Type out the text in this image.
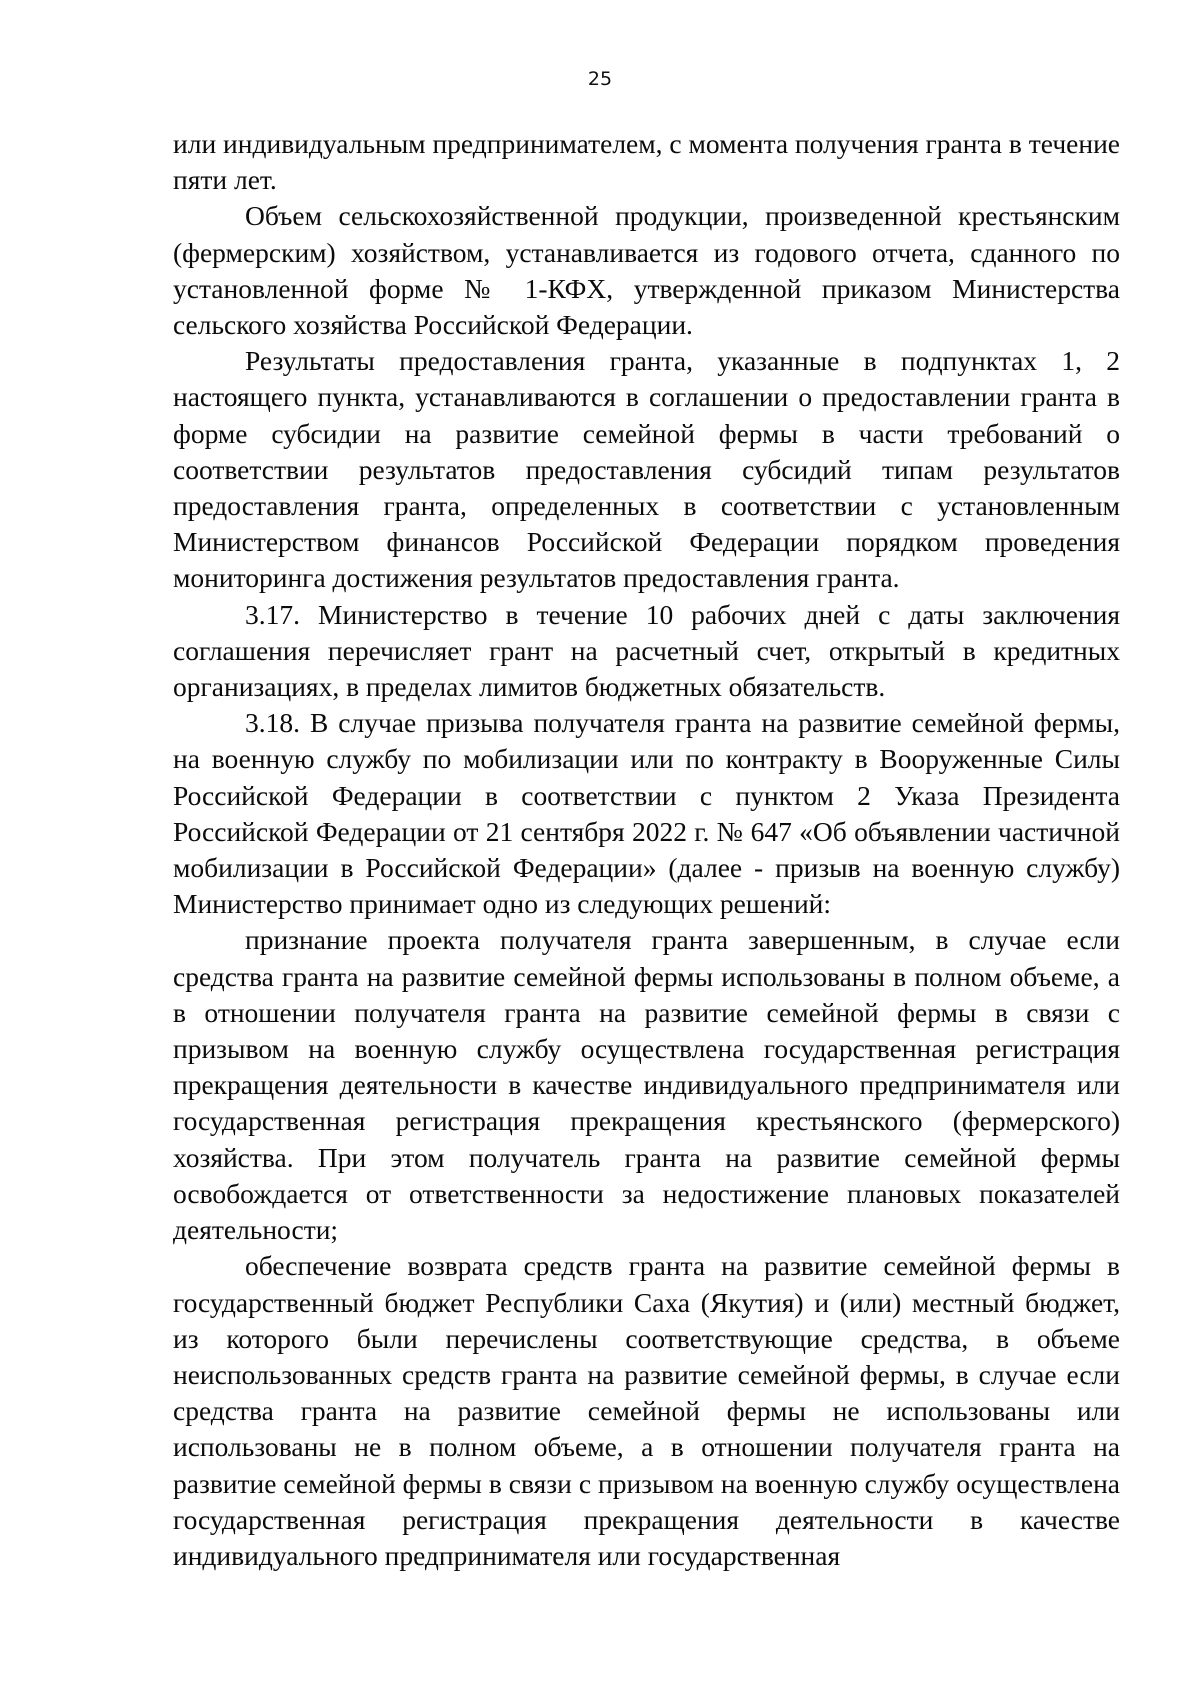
25

или индивидуальным предпринимателем, с момента получения гранта в течение пяти лет.

Объем сельскохозяйственной продукции, произведенной крестьянским (фермерским) хозяйством, устанавливается из годового отчета, сданного по установленной форме № 1-КФХ, утвержденной приказом Министерства сельского хозяйства Российской Федерации.

Результаты предоставления гранта, указанные в подпунктах 1, 2 настоящего пункта, устанавливаются в соглашении о предоставлении гранта в форме субсидии на развитие семейной фермы в части требований о соответствии результатов предоставления субсидий типам результатов предоставления гранта, определенных в соответствии с установленным Министерством финансов Российской Федерации порядком проведения мониторинга достижения результатов предоставления гранта.

3.17. Министерство в течение 10 рабочих дней с даты заключения соглашения перечисляет грант на расчетный счет, открытый в кредитных организациях, в пределах лимитов бюджетных обязательств.

3.18. В случае призыва получателя гранта на развитие семейной фермы, на военную службу по мобилизации или по контракту в Вооруженные Силы Российской Федерации в соответствии с пунктом 2 Указа Президента Российской Федерации от 21 сентября 2022 г. № 647 «Об объявлении частичной мобилизации в Российской Федерации» (далее - призыв на военную службу) Министерство принимает одно из следующих решений:

признание проекта получателя гранта завершенным, в случае если средства гранта на развитие семейной фермы использованы в полном объеме, а в отношении получателя гранта на развитие семейной фермы в связи с призывом на военную службу осуществлена государственная регистрация прекращения деятельности в качестве индивидуального предпринимателя или государственная регистрация прекращения крестьянского (фермерского) хозяйства. При этом получатель гранта на развитие семейной фермы освобождается от ответственности за недостижение плановых показателей деятельности;

обеспечение возврата средств гранта на развитие семейной фермы в государственный бюджет Республики Саха (Якутия) и (или) местный бюджет, из которого были перечислены соответствующие средства, в объеме неиспользованных средств гранта на развитие семейной фермы, в случае если средства гранта на развитие семейной фермы не использованы или использованы не в полном объеме, а в отношении получателя гранта на развитие семейной фермы в связи с призывом на военную службу осуществлена государственная регистрация прекращения деятельности в качестве индивидуального предпринимателя или государственная
